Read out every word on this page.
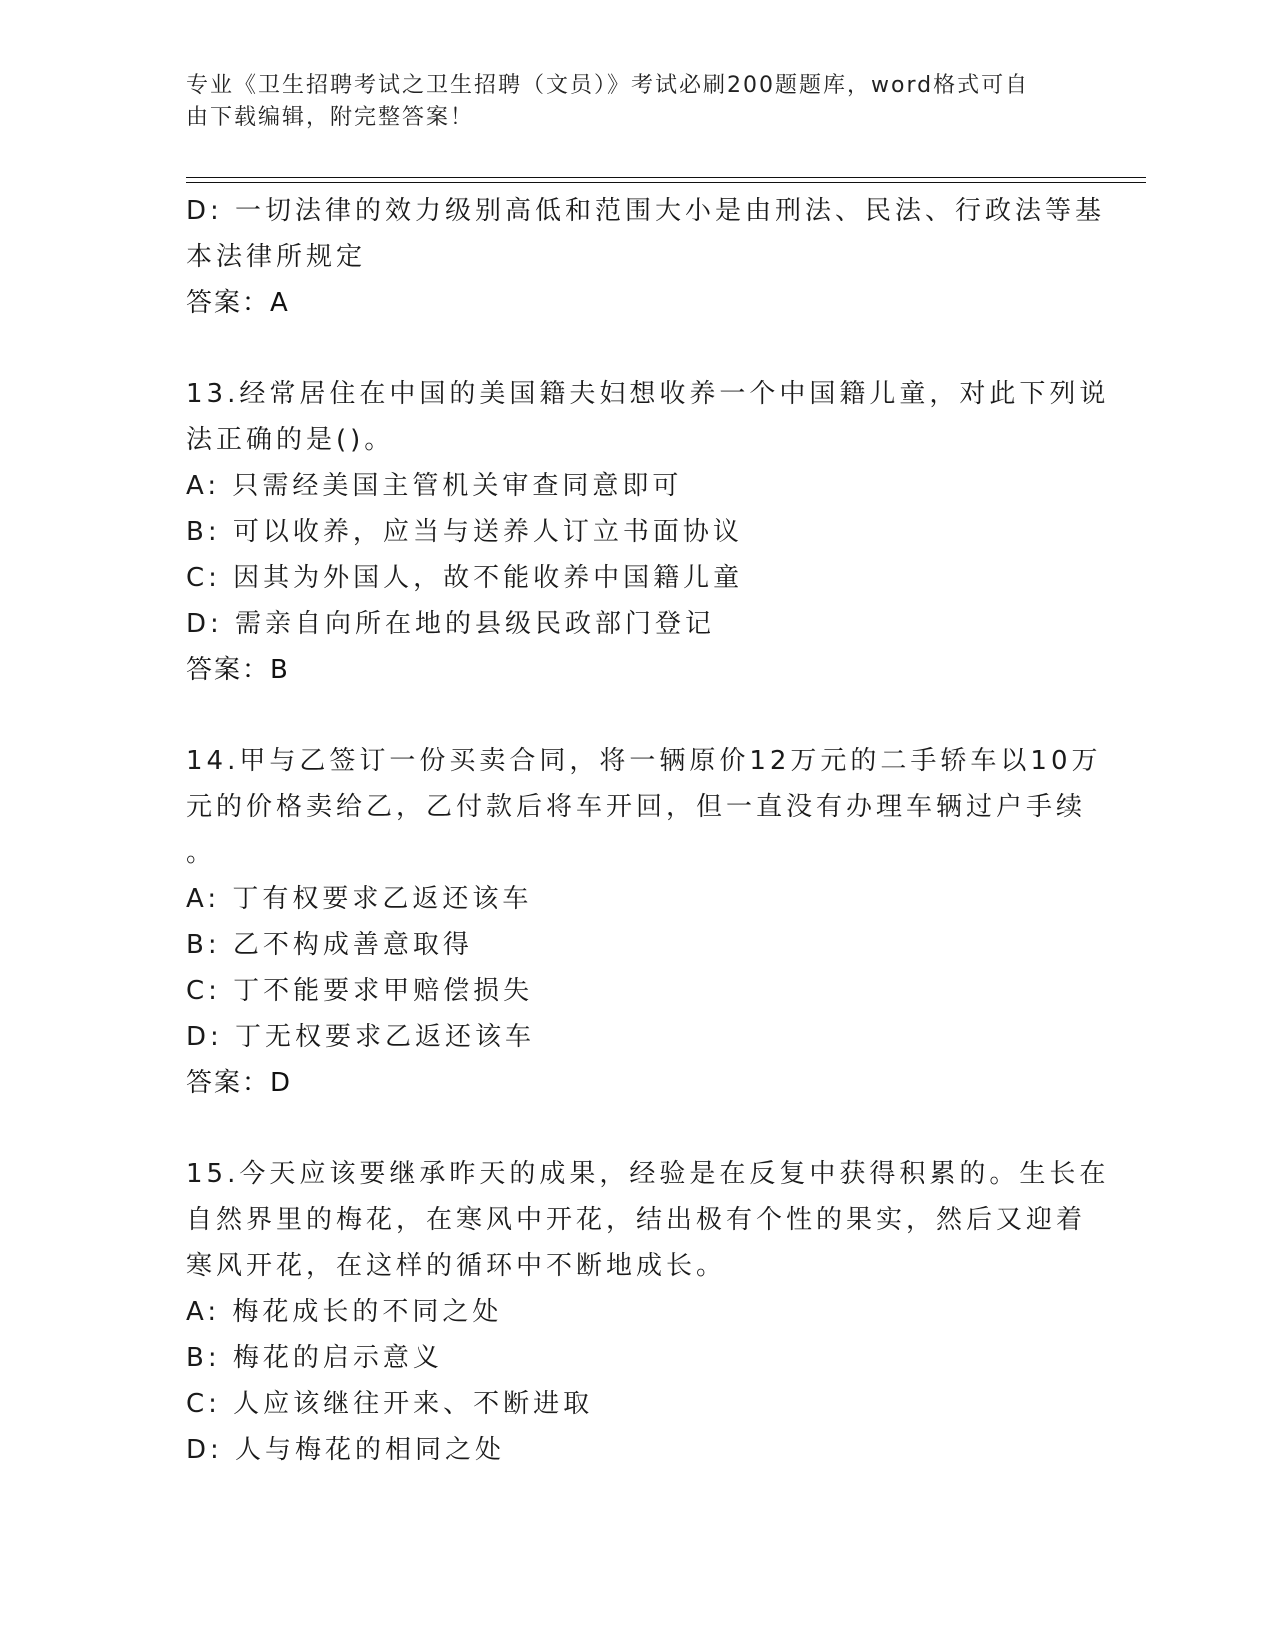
专业《卫生招聘考试之卫生招聘（文员）》考试必刷200题题库，word格式可自
由下载编辑，附完整答案！
D: 一切法律的效力级别高低和范围大小是由刑法、民法、行政法等基
本法律所规定
答案：A
13.经常居住在中国的美国籍夫妇想收养一个中国籍儿童，对此下列说
法正确的是()。
A: 只需经美国主管机关审查同意即可
B: 可以收养，应当与送养人订立书面协议
C: 因其为外国人，故不能收养中国籍儿童
D: 需亲自向所在地的县级民政部门登记
答案：B
14.甲与乙签订一份买卖合同，将一辆原价12万元的二手轿车以10万
元的价格卖给乙，乙付款后将车开回，但一直没有办理车辆过户手续
。
A: 丁有权要求乙返还该车
B: 乙不构成善意取得
C: 丁不能要求甲赔偿损失
D: 丁无权要求乙返还该车
答案：D
15.今天应该要继承昨天的成果，经验是在反复中获得积累的。生长在
自然界里的梅花，在寒风中开花，结出极有个性的果实，然后又迎着
寒风开花，在这样的循环中不断地成长。
A: 梅花成长的不同之处
B: 梅花的启示意义
C: 人应该继往开来、不断进取
D: 人与梅花的相同之处
